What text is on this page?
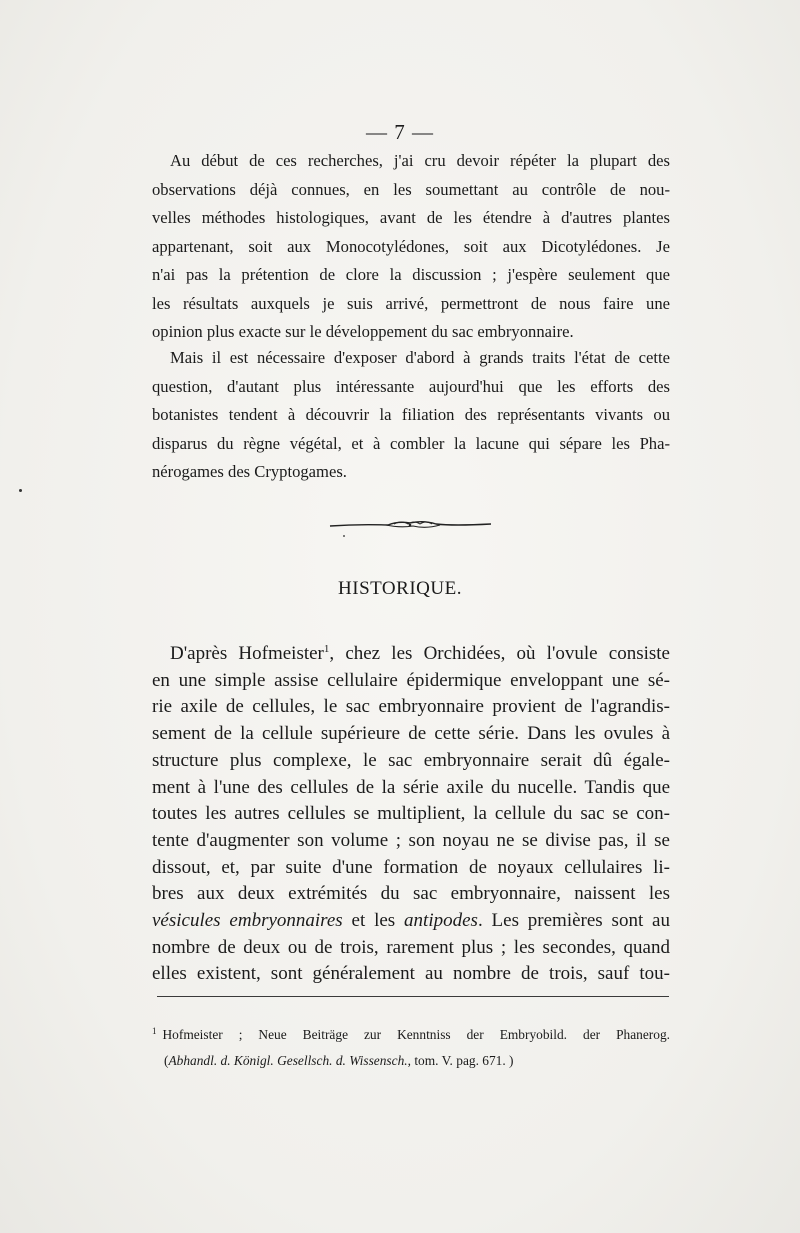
— 7 —

Au début de ces recherches, j'ai cru devoir répéter la plupart des
observations déjà connues, en les soumettant au contrôle de nou-
velles méthodes histologiques, avant de les étendre à d'autres plantes
appartenant, soit aux Monocotylédones, soit aux Dicotylédones. Je
n'ai pas la prétention de clore la discussion ; j'espère seulement que
les résultats auxquels je suis arrivé, permettront de nous faire une
opinion plus exacte sur le développement du sac embryonnaire.

Mais il est nécessaire d'exposer d'abord à grands traits l'état de cette
question, d'autant plus intéressante aujourd'hui que les efforts des
botanistes tendent à découvrir la filiation des représentants vivants ou
disparus du règne végétal, et à combler la lacune qui sépare les Pha-
nérogames des Cryptogames.

HISTORIQUE.

D'après Hofmeister$^1$, chez les Orchidées, où l'ovule consiste
en une simple assise cellulaire épidermique enveloppant une sé-
rie axile de cellules, le sac embryonnaire provient de l'agrandis-
sement de la cellule supérieure de cette série. Dans les ovules à
structure plus complexe, le sac embryonnaire serait dû égale-
ment à l'une des cellules de la série axile du nucelle. Tandis que
toutes les autres cellules se multiplient, la cellule du sac se con-
tente d'augmenter son volume ; son noyau ne se divise pas, il se
dissout, et, par suite d'une formation de noyaux cellulaires li-
bres aux deux extrémités du sac embryonnaire, naissent les
vésicules embryonnaires et les antipodes. Les premières sont au
nombre de deux ou de trois, rarement plus ; les secondes, quand
elles existent, sont généralement au nombre de trois, sauf tou-

$^1$ Hofmeister ; Neue Beiträge zur Kenntniss der Embryobild. der Phanerog.
(Abhandl. d. Königl. Gesellsch. d. Wissensch., tom. V. pag. 671. )
